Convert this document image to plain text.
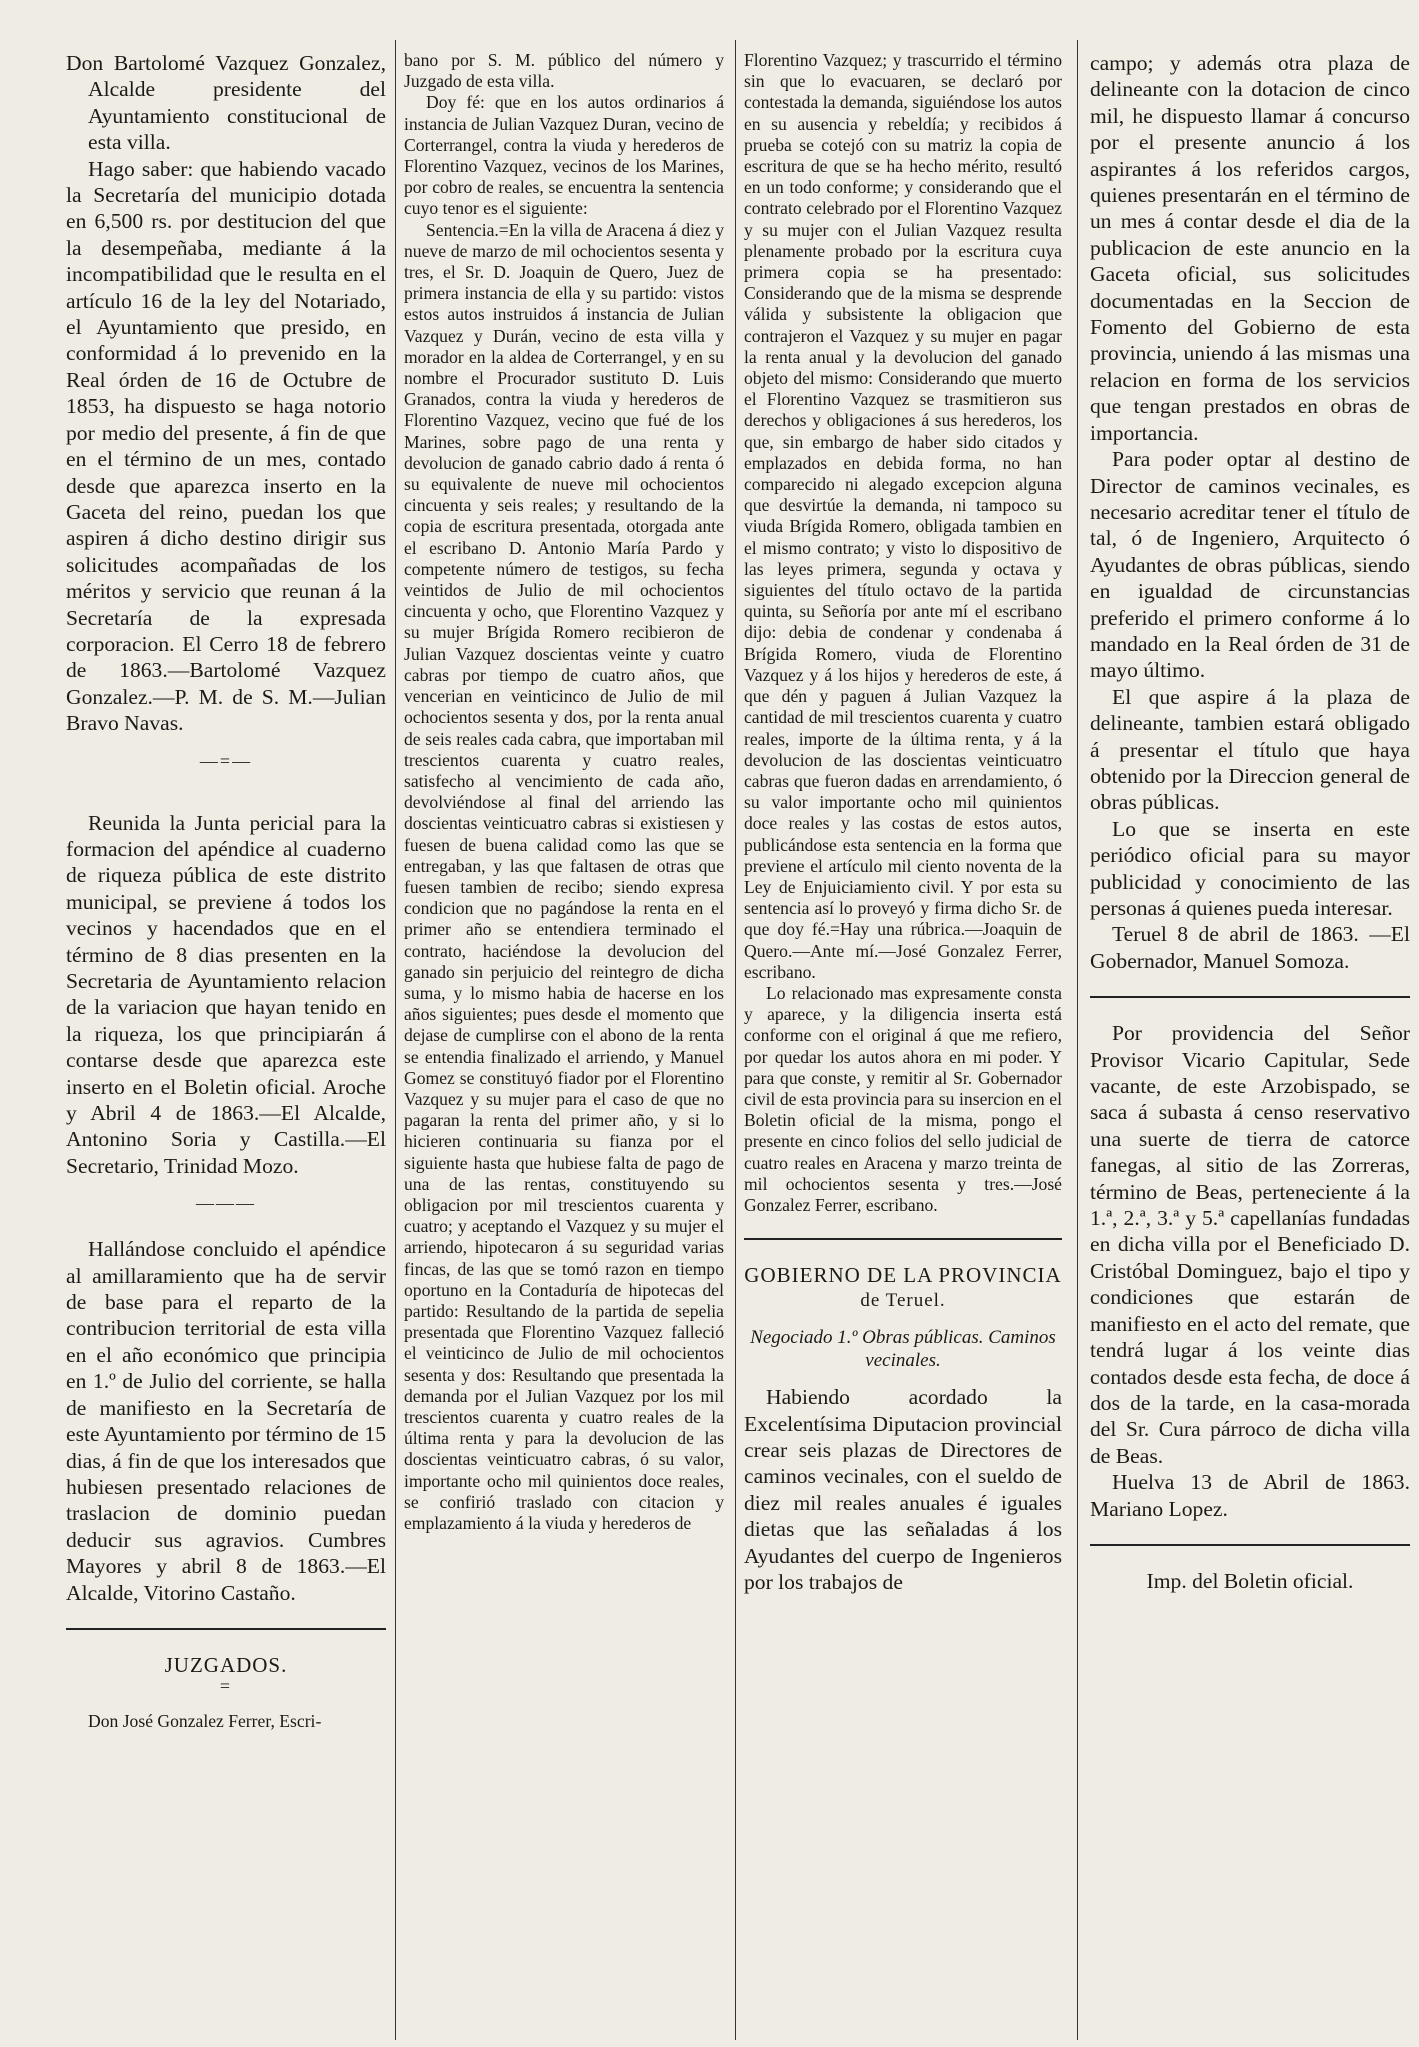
Don Bartolomé Vazquez Gonzalez, Alcalde presidente del Ayuntamiento constitucional de esta villa.

Hago saber: que habiendo vacado la Secretaría del municipio dotada en 6,500 rs. por destitucion del que la desempeñaba, mediante á la incompatibilidad que le resulta en el artículo 16 de la ley del Notariado, el Ayuntamiento que presido, en conformidad á lo prevenido en la Real órden de 16 de Octubre de 1853, ha dispuesto se haga notorio por medio del presente, á fin de que en el término de un mes, contado desde que aparezca inserto en la Gaceta del reino, puedan los que aspiren á dicho destino dirigir sus solicitudes acompañadas de los méritos y servicio que reunan á la Secretaría de la expresada corporacion. El Cerro 18 de febrero de 1863.—Bartolomé Vazquez Gonzalez.—P. M. de S. M.—Julian Bravo Navas.

—=—

Reunida la Junta pericial para la formacion del apéndice al cuaderno de riqueza pública de este distrito municipal, se previene á todos los vecinos y hacendados que en el término de 8 dias presenten en la Secretaria de Ayuntamiento relacion de la variacion que hayan tenido en la riqueza, los que principiarán á contarse desde que aparezca este inserto en el Boletin oficial. Aroche y Abril 4 de 1863.—El Alcalde, Antonino Soria y Castilla.—El Secretario, Trinidad Mozo.

———

Hallándose concluido el apéndice al amillaramiento que ha de servir de base para el reparto de la contribucion territorial de esta villa en el año económico que principia en 1.º de Julio del corriente, se halla de manifiesto en la Secretaría de este Ayuntamiento por término de 15 dias, á fin de que los interesados que hubiesen presentado relaciones de traslacion de dominio puedan deducir sus agravios. Cumbres Mayores y abril 8 de 1863.—El Alcalde, Vitorino Castaño.

JUZGADOS.
=

Don José Gonzalez Ferrer, Escri-

bano por S. M. público del número y Juzgado de esta villa.

Doy fé: que en los autos ordinarios á instancia de Julian Vazquez Duran, vecino de Corterrangel, contra la viuda y herederos de Florentino Vazquez, vecinos de los Marines, por cobro de reales, se encuentra la sentencia cuyo tenor es el siguiente:

Sentencia.=En la villa de Aracena á diez y nueve de marzo de mil ochocientos sesenta y tres, el Sr. D. Joaquin de Quero, Juez de primera instancia de ella y su partido: vistos estos autos instruidos á instancia de Julian Vazquez y Durán, vecino de esta villa y morador en la aldea de Corterrangel, y en su nombre el Procurador sustituto D. Luis Granados, contra la viuda y herederos de Florentino Vazquez, vecino que fué de los Marines, sobre pago de una renta y devolucion de ganado cabrio dado á renta ó su equivalente de nueve mil ochocientos cincuenta y seis reales; y resultando de la copia de escritura presentada, otorgada ante el escribano D. Antonio María Pardo y competente número de testigos, su fecha veintidos de Julio de mil ochocientos cincuenta y ocho, que Florentino Vazquez y su mujer Brígida Romero recibieron de Julian Vazquez doscientas veinte y cuatro cabras por tiempo de cuatro años, que vencerian en veinticinco de Julio de mil ochocientos sesenta y dos, por la renta anual de seis reales cada cabra, que importaban mil trescientos cuarenta y cuatro reales, satisfecho al vencimiento de cada año, devolviéndose al final del arriendo las doscientas veinticuatro cabras si existiesen y fuesen de buena calidad como las que se entregaban, y las que faltasen de otras que fuesen tambien de recibo; siendo expresa condicion que no pagándose la renta en el primer año se entendiera terminado el contrato, haciéndose la devolucion del ganado sin perjuicio del reintegro de dicha suma, y lo mismo habia de hacerse en los años siguientes; pues desde el momento que dejase de cumplirse con el abono de la renta se entendia finalizado el arriendo, y Manuel Gomez se constituyó fiador por el Florentino Vazquez y su mujer para el caso de que no pagaran la renta del primer año, y si lo hicieren continuaria su fianza por el siguiente hasta que hubiese falta de pago de una de las rentas, constituyendo su obligacion por mil trescientos cuarenta y cuatro; y aceptando el Vazquez y su mujer el arriendo, hipotecaron á su seguridad varias fincas, de las que se tomó razon en tiempo oportuno en la Contaduría de hipotecas del partido: Resultando de la partida de sepelia presentada que Florentino Vazquez falleció el veinticinco de Julio de mil ochocientos sesenta y dos: Resultando que presentada la demanda por el Julian Vazquez por los mil trescientos cuarenta y cuatro reales de la última renta y para la devolucion de las doscientas veinticuatro cabras, ó su valor, importante ocho mil quinientos doce reales, se confirió traslado con citacion y emplazamiento á la viuda y herederos de

Florentino Vazquez; y trascurrido el término sin que lo evacuaren, se declaró por contestada la demanda, siguiéndose los autos en su ausencia y rebeldía; y recibidos á prueba se cotejó con su matriz la copia de escritura de que se ha hecho mérito, resultó en un todo conforme; y considerando que el contrato celebrado por el Florentino Vazquez y su mujer con el Julian Vazquez resulta plenamente probado por la escritura cuya primera copia se ha presentado: Considerando que de la misma se desprende válida y subsistente la obligacion que contrajeron el Vazquez y su mujer en pagar la renta anual y la devolucion del ganado objeto del mismo: Considerando que muerto el Florentino Vazquez se trasmitieron sus derechos y obligaciones á sus herederos, los que, sin embargo de haber sido citados y emplazados en debida forma, no han comparecido ni alegado excepcion alguna que desvirtúe la demanda, ni tampoco su viuda Brígida Romero, obligada tambien en el mismo contrato; y visto lo dispositivo de las leyes primera, segunda y octava y siguientes del título octavo de la partida quinta, su Señoría por ante mí el escribano dijo: debia de condenar y condenaba á Brígida Romero, viuda de Florentino Vazquez y á los hijos y herederos de este, á que dén y paguen á Julian Vazquez la cantidad de mil trescientos cuarenta y cuatro reales, importe de la última renta, y á la devolucion de las doscientas veinticuatro cabras que fueron dadas en arrendamiento, ó su valor importante ocho mil quinientos doce reales y las costas de estos autos, publicándose esta sentencia en la forma que previene el artículo mil ciento noventa de la Ley de Enjuiciamiento civil. Y por esta su sentencia así lo proveyó y firma dicho Sr. de que doy fé.=Hay una rúbrica.—Joaquin de Quero.—Ante mí.—José Gonzalez Ferrer, escribano.

Lo relacionado mas expresamente consta y aparece, y la diligencia inserta está conforme con el original á que me refiero, por quedar los autos ahora en mi poder. Y para que conste, y remitir al Sr. Gobernador civil de esta provincia para su insercion en el Boletin oficial de la misma, pongo el presente en cinco folios del sello judicial de cuatro reales en Aracena y marzo treinta de mil ochocientos sesenta y tres.—José Gonzalez Ferrer, escribano.

GOBIERNO DE LA PROVINCIA
de Teruel.
Negociado 1.º Obras públicas. Caminos vecinales.

Habiendo acordado la Excelentísima Diputacion provincial crear seis plazas de Directores de caminos vecinales, con el sueldo de diez mil reales anuales é iguales dietas que las señaladas á los Ayudantes del cuerpo de Ingenieros por los trabajos de

campo; y además otra plaza de delineante con la dotacion de cinco mil, he dispuesto llamar á concurso por el presente anuncio á los aspirantes á los referidos cargos, quienes presentarán en el término de un mes á contar desde el dia de la publicacion de este anuncio en la Gaceta oficial, sus solicitudes documentadas en la Seccion de Fomento del Gobierno de esta provincia, uniendo á las mismas una relacion en forma de los servicios que tengan prestados en obras de importancia.

Para poder optar al destino de Director de caminos vecinales, es necesario acreditar tener el título de tal, ó de Ingeniero, Arquitecto ó Ayudantes de obras públicas, siendo en igualdad de circunstancias preferido el primero conforme á lo mandado en la Real órden de 31 de mayo último.

El que aspire á la plaza de delineante, tambien estará obligado á presentar el título que haya obtenido por la Direccion general de obras públicas.

Lo que se inserta en este periódico oficial para su mayor publicidad y conocimiento de las personas á quienes pueda interesar.

Teruel 8 de abril de 1863. —El Gobernador, Manuel Somoza.

Por providencia del Señor Provisor Vicario Capitular, Sede vacante, de este Arzobispado, se saca á subasta á censo reservativo una suerte de tierra de catorce fanegas, al sitio de las Zorreras, término de Beas, perteneciente á la 1.ª, 2.ª, 3.ª y 5.ª capellanías fundadas en dicha villa por el Beneficiado D. Cristóbal Dominguez, bajo el tipo y condiciones que estarán de manifiesto en el acto del remate, que tendrá lugar á los veinte dias contados desde esta fecha, de doce á dos de la tarde, en la casa-morada del Sr. Cura párroco de dicha villa de Beas.

Huelva 13 de Abril de 1863. Mariano Lopez.

Imp. del Boletin oficial.
